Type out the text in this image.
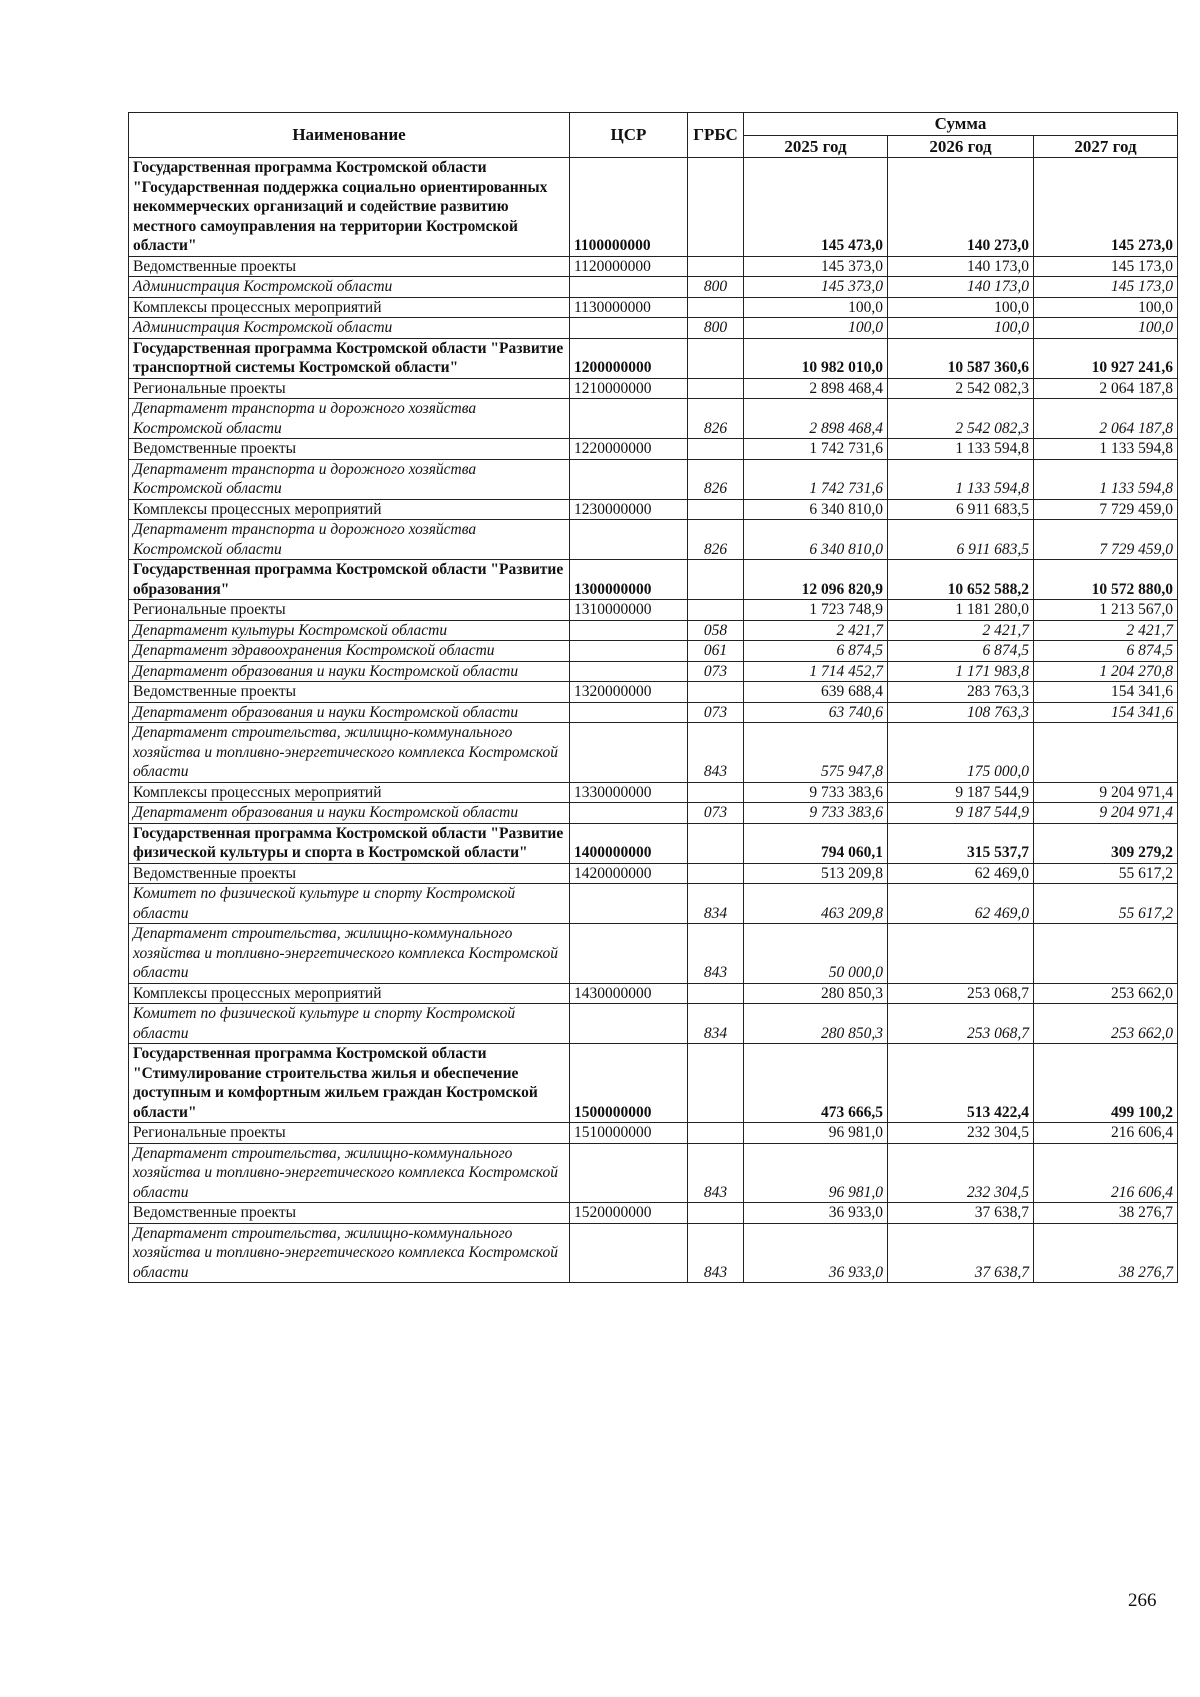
Наименование	ЦСР	ГРБС	Сумма		
			2025 год	2026 год	2027 год
Государственная программа Костромской области "Государственная поддержка социально ориентированных некоммерческих организаций и содействие развитию местного самоуправления на территории Костромской области"	1100000000		145 473,0	140 273,0	145 273,0
Ведомственные проекты	1120000000		145 373,0	140 173,0	145 173,0
Администрация Костромской области		800	145 373,0	140 173,0	145 173,0
Комплексы процессных мероприятий	1130000000		100,0	100,0	100,0
Администрация Костромской области		800	100,0	100,0	100,0
Государственная программа Костромской области "Развитие транспортной системы Костромской области"	1200000000		10 982 010,0	10 587 360,6	10 927 241,6
Региональные проекты	1210000000		2 898 468,4	2 542 082,3	2 064 187,8
Департамент транспорта и дорожного хозяйства Костромской области		826	2 898 468,4	2 542 082,3	2 064 187,8
Ведомственные проекты	1220000000		1 742 731,6	1 133 594,8	1 133 594,8
Департамент транспорта и дорожного хозяйства Костромской области		826	1 742 731,6	1 133 594,8	1 133 594,8
Комплексы процессных мероприятий	1230000000		6 340 810,0	6 911 683,5	7 729 459,0
Департамент транспорта и дорожного хозяйства Костромской области		826	6 340 810,0	6 911 683,5	7 729 459,0
Государственная программа Костромской области "Развитие образования"	1300000000		12 096 820,9	10 652 588,2	10 572 880,0
Региональные проекты	1310000000		1 723 748,9	1 181 280,0	1 213 567,0
Департамент культуры Костромской области		058	2 421,7	2 421,7	2 421,7
Департамент здравоохранения Костромской области		061	6 874,5	6 874,5	6 874,5
Департамент образования и науки Костромской области		073	1 714 452,7	1 171 983,8	1 204 270,8
Ведомственные проекты	1320000000		639 688,4	283 763,3	154 341,6
Департамент образования и науки Костромской области		073	63 740,6	108 763,3	154 341,6
Департамент строительства, жилищно-коммунального хозяйства и топливно-энергетического комплекса Костромской области		843	575 947,8	175 000,0	
Комплексы процессных мероприятий	1330000000		9 733 383,6	9 187 544,9	9 204 971,4
Департамент образования и науки Костромской области		073	9 733 383,6	9 187 544,9	9 204 971,4
Государственная программа Костромской области "Развитие физической культуры и спорта в Костромской области"	1400000000		794 060,1	315 537,7	309 279,2
Ведомственные проекты	1420000000		513 209,8	62 469,0	55 617,2
Комитет по физической культуре и спорту Костромской области		834	463 209,8	62 469,0	55 617,2
Департамент строительства, жилищно-коммунального хозяйства и топливно-энергетического комплекса Костромской области		843	50 000,0		
Комплексы процессных мероприятий	1430000000		280 850,3	253 068,7	253 662,0
Комитет по физической культуре и спорту Костромской области		834	280 850,3	253 068,7	253 662,0
Государственная программа Костромской области "Стимулирование строительства жилья и обеспечение доступным и комфортным жильем граждан Костромской области"	1500000000		473 666,5	513 422,4	499 100,2
Региональные проекты	1510000000		96 981,0	232 304,5	216 606,4
Департамент строительства, жилищно-коммунального хозяйства и топливно-энергетического комплекса Костромской области		843	96 981,0	232 304,5	216 606,4
Ведомственные проекты	1520000000		36 933,0	37 638,7	38 276,7
Департамент строительства, жилищно-коммунального хозяйства и топливно-энергетического комплекса Костромской области		843	36 933,0	37 638,7	38 276,7
266
